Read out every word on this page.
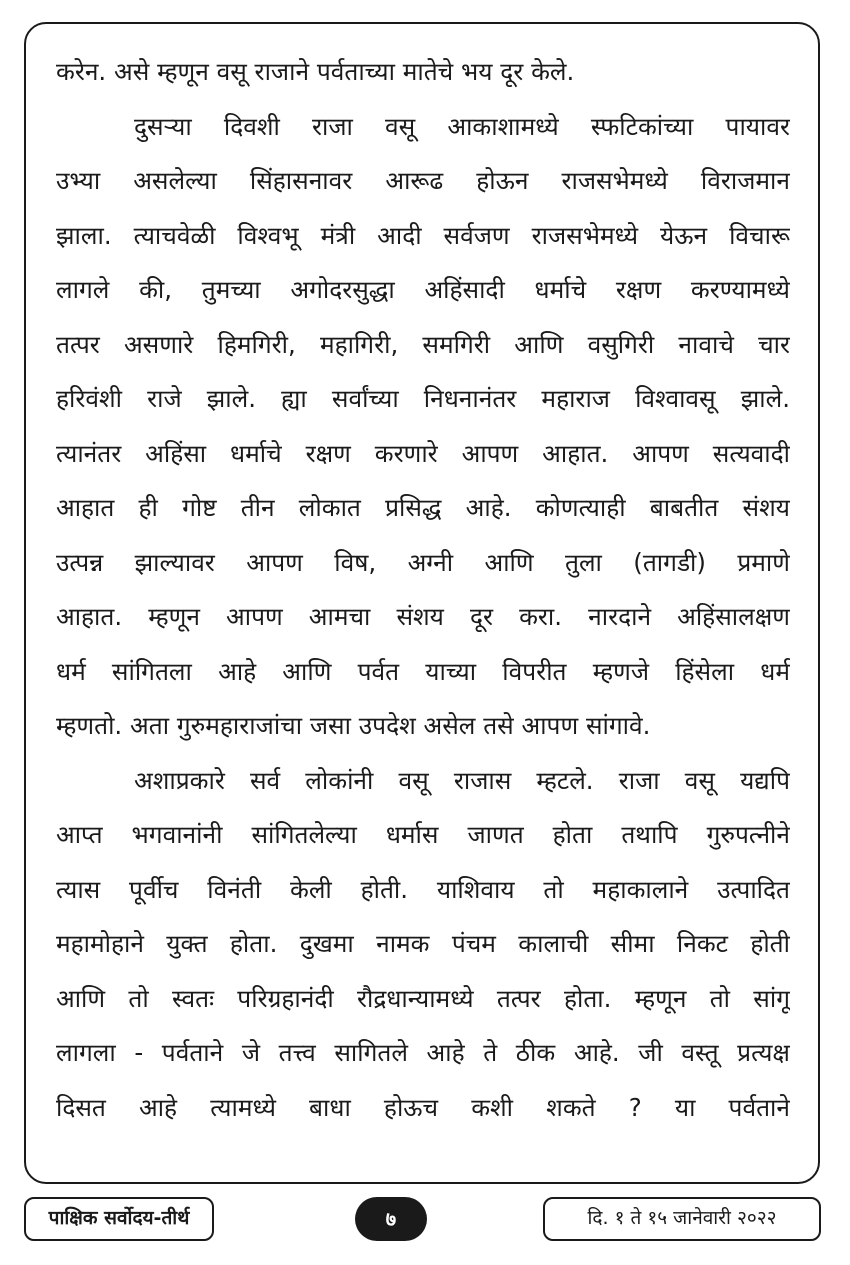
करेन. असे म्हणून वसू राजाने पर्वताच्या मातेचे भय दूर केले.
दुसऱ्या दिवशी राजा वसू आकाशामध्ये स्फटिकांच्या पायावर
उभ्या असलेल्या सिंहासनावर आरूढ होऊन राजसभेमध्ये विराजमान
झाला. त्याचवेळी विश्वभू मंत्री आदी सर्वजण राजसभेमध्ये येऊन विचारू
लागले की, तुमच्या अगोदरसुद्धा अहिंसादी धर्माचे रक्षण करण्यामध्ये
तत्पर असणारे हिमगिरी, महागिरी, समगिरी आणि वसुगिरी नावाचे चार
हरिवंशी राजे झाले. ह्या सर्वांच्या निधनानंतर महाराज विश्वावसू झाले.
त्यानंतर अहिंसा धर्माचे रक्षण करणारे आपण आहात. आपण सत्यवादी
आहात ही गोष्ट तीन लोकात प्रसिद्ध आहे. कोणत्याही बाबतीत संशय
उत्पन्न झाल्यावर आपण विष, अग्नी आणि तुला (तागडी) प्रमाणे
आहात. म्हणून आपण आमचा संशय दूर करा. नारदाने अहिंसालक्षण
धर्म सांगितला आहे आणि पर्वत याच्या विपरीत म्हणजे हिंसेला धर्म
म्हणतो. अता गुरुमहाराजांचा जसा उपदेश असेल तसे आपण सांगावे.
अशाप्रकारे सर्व लोकांनी वसू राजास म्हटले. राजा वसू यद्यपि
आप्त भगवानांनी सांगितलेल्या धर्मास जाणत होता तथापि गुरुपत्नीने
त्यास पूर्वीच विनंती केली होती. याशिवाय तो महाकालाने उत्पादित
महामोहाने युक्त होता. दुखमा नामक पंचम कालाची सीमा निकट होती
आणि तो स्वतः परिग्रहानंदी रौद्रधान्यामध्ये तत्पर होता. म्हणून तो सांगू
लागला - पर्वताने जे तत्त्व सागितले आहे ते ठीक आहे. जी वस्तू प्रत्यक्ष
दिसत आहे त्यामध्ये बाधा होऊच कशी शकते ? या पर्वताने
पाक्षिक सर्वोदय-तीर्थ	७	दि. १ ते १५ जानेवारी २०२२
